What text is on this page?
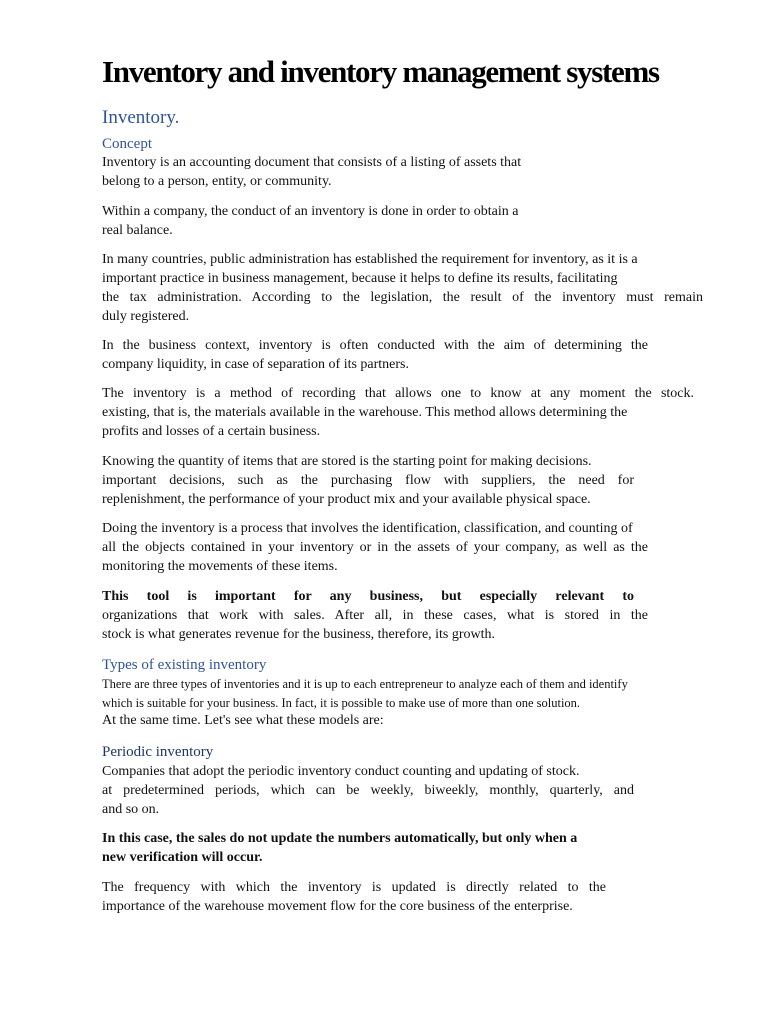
Inventory and inventory management systems
Inventory.
Concept
Inventory is an accounting document that consists of a listing of assets that
belong to a person, entity, or community.
Within a company, the conduct of an inventory is done in order to obtain a
real balance.
In many countries, public administration has established the requirement for inventory, as it is a
important practice in business management, because it helps to define its results, facilitating
the tax administration. According to the legislation, the result of the inventory must remain
duly registered.
In the business context, inventory is often conducted with the aim of determining the
company liquidity, in case of separation of its partners.
The inventory is a method of recording that allows one to know at any moment the stock.
existing, that is, the materials available in the warehouse. This method allows determining the
profits and losses of a certain business.
Knowing the quantity of items that are stored is the starting point for making decisions.
important decisions, such as the purchasing flow with suppliers, the need for
replenishment, the performance of your product mix and your available physical space.
Doing the inventory is a process that involves the identification, classification, and counting of
all the objects contained in your inventory or in the assets of your company, as well as the
monitoring the movements of these items.
This tool is important for any business, but especially relevant to
organizations that work with sales. After all, in these cases, what is stored in the
stock is what generates revenue for the business, therefore, its growth.
Types of existing inventory
There are three types of inventories and it is up to each entrepreneur to analyze each of them and identify
which is suitable for your business. In fact, it is possible to make use of more than one solution.
At the same time. Let's see what these models are:
Periodic inventory
Companies that adopt the periodic inventory conduct counting and updating of stock.
at predetermined periods, which can be weekly, biweekly, monthly, quarterly, and
and so on.
In this case, the sales do not update the numbers automatically, but only when a
new verification will occur.
The frequency with which the inventory is updated is directly related to the
importance of the warehouse movement flow for the core business of the enterprise.
